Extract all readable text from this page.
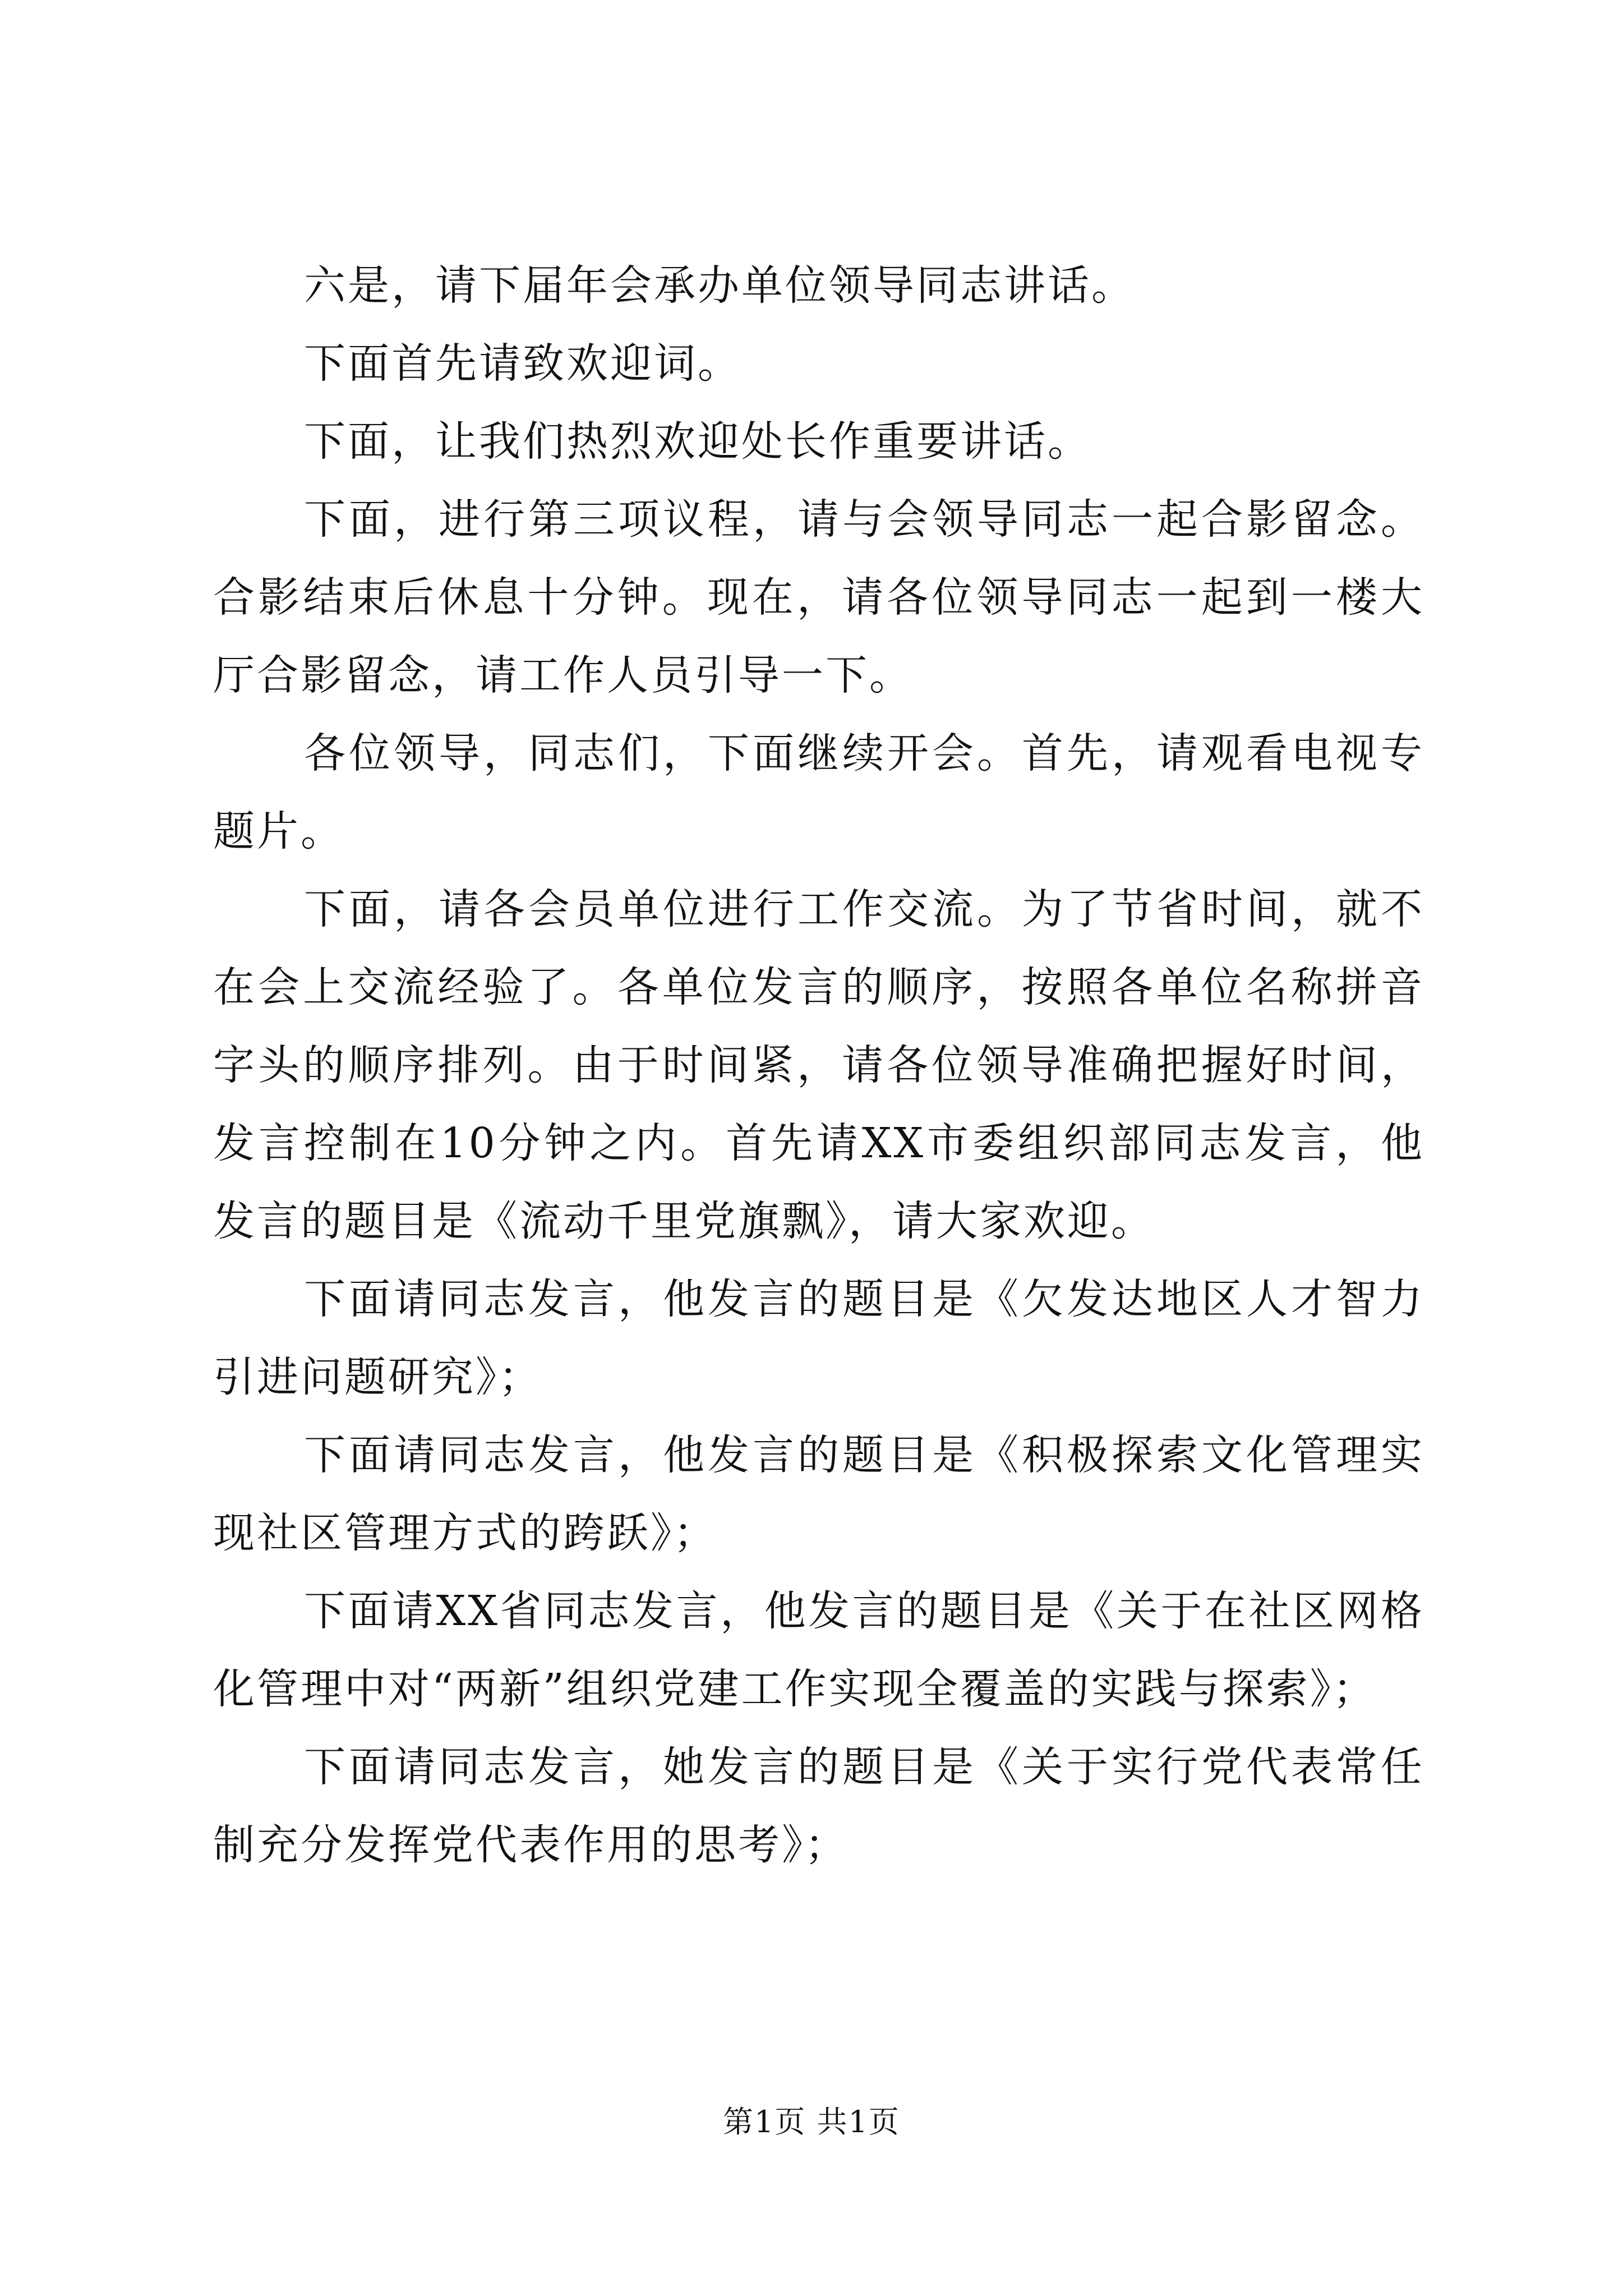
六是，请下届年会承办单位领导同志讲话。

下面首先请致欢迎词。

下面，让我们热烈欢迎处长作重要讲话。

下面，进行第三项议程，请与会领导同志一起合影留念。合影结束后休息十分钟。现在，请各位领导同志一起到一楼大厅合影留念，请工作人员引导一下。

各位领导，同志们，下面继续开会。首先，请观看电视专题片。

下面，请各会员单位进行工作交流。为了节省时间，就不在会上交流经验了。各单位发言的顺序，按照各单位名称拼音字头的顺序排列。由于时间紧，请各位领导准确把握好时间，发言控制在10分钟之内。首先请XX市委组织部同志发言，他发言的题目是《流动千里党旗飘》，请大家欢迎。

下面请同志发言，他发言的题目是《欠发达地区人才智力引进问题研究》；

下面请同志发言，他发言的题目是《积极探索文化管理实现社区管理方式的跨跃》；

下面请XX省同志发言，他发言的题目是《关于在社区网格化管理中对“两新”组织党建工作实现全覆盖的实践与探索》；

下面请同志发言，她发言的题目是《关于实行党代表常任制充分发挥党代表作用的思考》；

第1页 共1页
